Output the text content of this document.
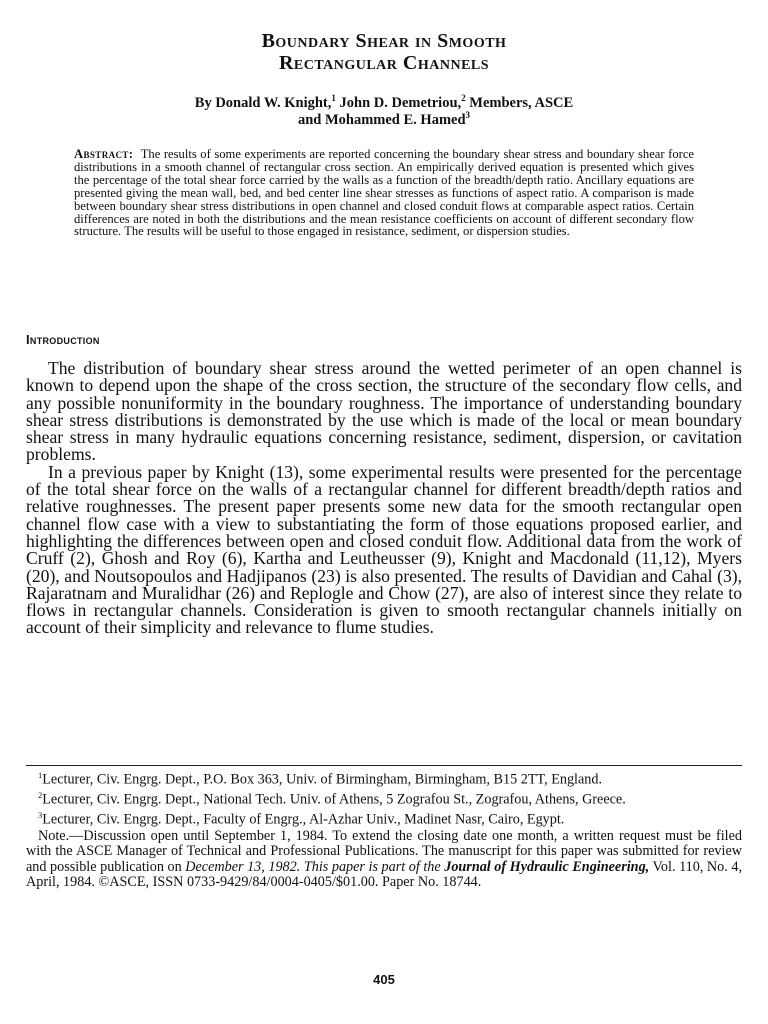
Boundary Shear in Smooth
Rectangular Channels
By Donald W. Knight,$^1$ John D. Demetriou,$^2$ Members, ASCE
and Mohammed E. Hamed$^3$
Abstract: The results of some experiments are reported concerning the boundary shear stress and boundary shear force distributions in a smooth channel of rectangular cross section. An empirically derived equation is presented which gives the percentage of the total shear force carried by the walls as a function of the breadth/depth ratio. Ancillary equations are presented giving the mean wall, bed, and bed center line shear stresses as functions of aspect ratio. A comparison is made between boundary shear stress distributions in open channel and closed conduit flows at comparable aspect ratios. Certain differences are noted in both the distributions and the mean resistance coefficients on account of different secondary flow structure. The results will be useful to those engaged in resistance, sediment, or dispersion studies.
Introduction

The distribution of boundary shear stress around the wetted perimeter of an open channel is known to depend upon the shape of the cross section, the structure of the secondary flow cells, and any possible nonuniformity in the boundary roughness. The importance of understanding boundary shear stress distributions is demonstrated by the use which is made of the local or mean boundary shear stress in many hydraulic equations concerning resistance, sediment, dispersion, or cavitation problems.

In a previous paper by Knight (13), some experimental results were presented for the percentage of the total shear force on the walls of a rectangular channel for different breadth/depth ratios and relative roughnesses. The present paper presents some new data for the smooth rectangular open channel flow case with a view to substantiating the form of those equations proposed earlier, and highlighting the differences between open and closed conduit flow. Additional data from the work of Cruff (2), Ghosh and Roy (6), Kartha and Leutheusser (9), Knight and Macdonald (11,12), Myers (20), and Noutsopoulos and Hadjipanos (23) is also presented. The results of Davidian and Cahal (3), Rajaratnam and Muralidhar (26) and Replogle and Chow (27), are also of interest since they relate to flows in rectangular channels. Consideration is given to smooth rectangular channels initially on account of their simplicity and relevance to flume studies.

$^1$Lecturer, Civ. Engrg. Dept., P.O. Box 363, Univ. of Birmingham, Birmingham, B15 2TT, England.

$^2$Lecturer, Civ. Engrg. Dept., National Tech. Univ. of Athens, 5 Zografou St., Zografou, Athens, Greece.

$^3$Lecturer, Civ. Engrg. Dept., Faculty of Engrg., Al-Azhar Univ., Madinet Nasr, Cairo, Egypt.

Note.—Discussion open until September 1, 1984. To extend the closing date one month, a written request must be filed with the ASCE Manager of Technical and Professional Publications. The manuscript for this paper was submitted for review and possible publication on December 13, 1982. This paper is part of the Journal of Hydraulic Engineering, Vol. 110, No. 4, April, 1984. ©ASCE, ISSN 0733-9429/84/0004-0405/$01.00. Paper No. 18744.

405
